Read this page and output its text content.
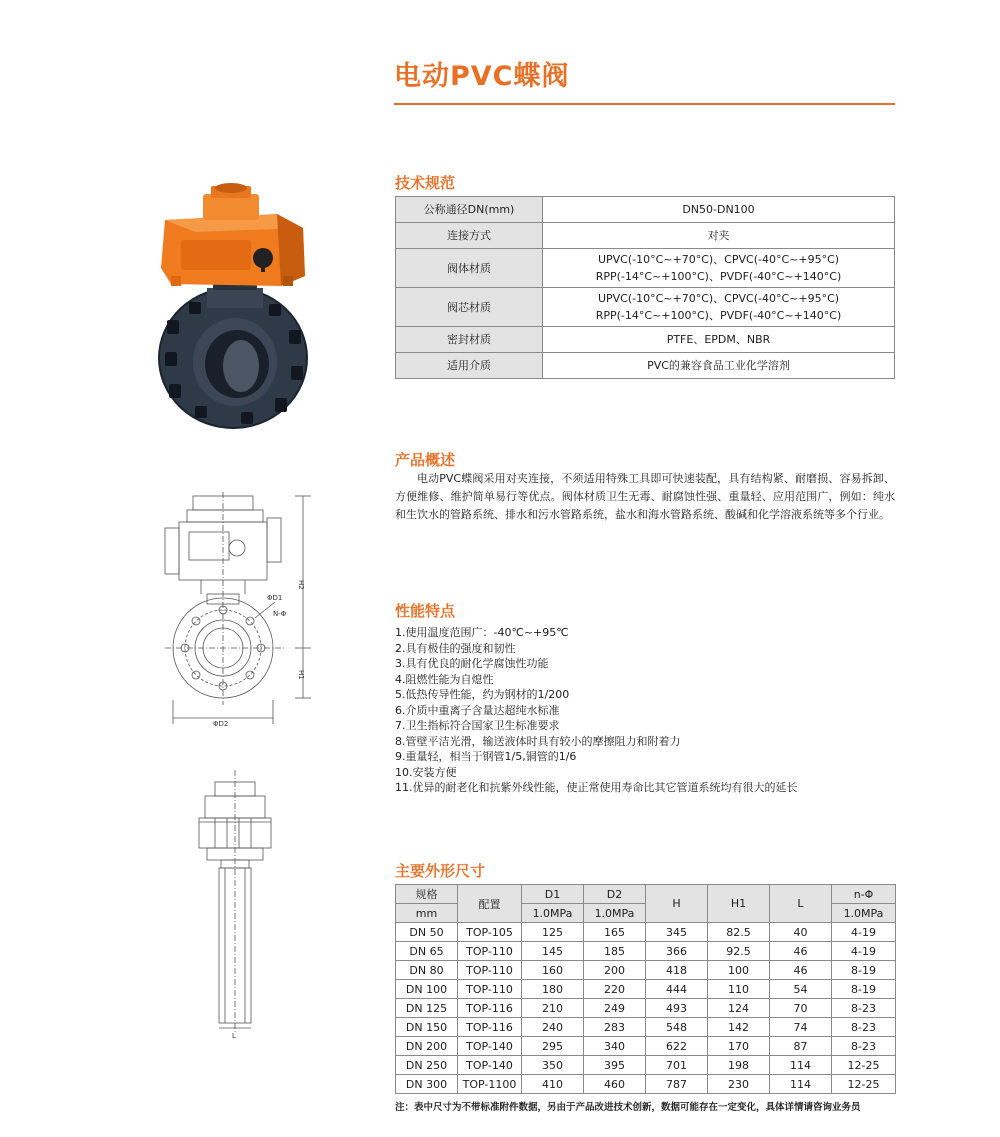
电动PVC蝶阀
ΦD1
N-Φ
H2
H1
ΦD2
L
技术规范
公称通径DN(mm)	DN50-DN100
连接方式	对夹
阀体材质	UPVC(-10°C~+70°C)、CPVC(-40°C~+95°C)
RPP(-14°C~+100°C)、PVDF(-40°C~+140°C)

阀芯材质	UPVC(-10°C~+70°C)、CPVC(-40°C~+95°C)
RPP(-14°C~+100°C)、PVDF(-40°C~+140°C)

密封材质	PTFE、EPDM、NBR
适用介质	PVC的兼容食品工业化学溶剂
产品概述

电动PVC蝶阀采用对夹连接，不须适用特殊工具即可快速装配，具有结构紧、耐磨损、容易拆卸、方便维修、维护简单易行等优点。阀体材质卫生无毒、耐腐蚀性强、重量轻、应用范围广，例如：纯水和生饮水的管路系统、排水和污水管路系统，盐水和海水管路系统、酸碱和化学溶液系统等多个行业。

性能特点
1.使用温度范围广：-40℃~+95℃
2.具有极佳的强度和韧性
3.具有优良的耐化学腐蚀性功能
4.阻燃性能为自熄性
5.低热传导性能，约为钢材的1/200
6.介质中重离子含量达超纯水标准
7.卫生指标符合国家卫生标准要求
8.管壁平洁光滑，输送液体时具有较小的摩擦阻力和附着力
9.重量轻，相当于钢管1/5,铜管的1/6
10.安装方便
11.优异的耐老化和抗紫外线性能，使正常使用寿命比其它管道系统均有很大的延长
主要外形尺寸
规格	配置	D1	D2	H	H1	L	n-Φ
mm		1.0MPa	1.0MPa				1.0MPa
DN 50	TOP-105	125	165	345	82.5	40	4-19
DN 65	TOP-110	145	185	366	92.5	46	4-19
DN 80	TOP-110	160	200	418	100	46	8-19
DN 100	TOP-110	180	220	444	110	54	8-19
DN 125	TOP-116	210	249	493	124	70	8-23
DN 150	TOP-116	240	283	548	142	74	8-23
DN 200	TOP-140	295	340	622	170	87	8-23
DN 250	TOP-140	350	395	701	198	114	12-25
DN 300	TOP-1100	410	460	787	230	114	12-25
注：表中尺寸为不带标准附件数据，另由于产品改进技术创新，数据可能存在一定变化，具体详情请咨询业务员
